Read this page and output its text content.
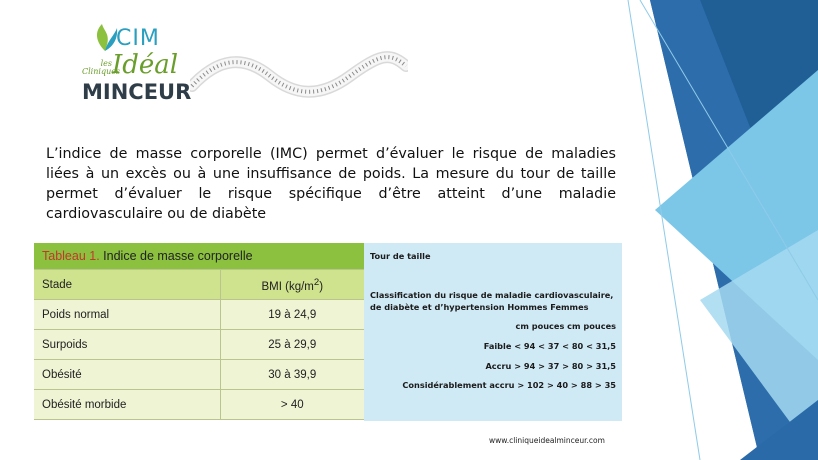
CIM
les
Cliniques
Idéal
MINCEUR

L’indice de masse corporelle (IMC) permet d’évaluer le risque de maladies liées à un excès ou à une insuffisance de poids. La mesure du tour de taille permet d’évaluer le risque spécifique d’être atteint d’une maladie cardiovasculaire ou de diabète

Tableau 1. Indice de masse corporelle
Stade	BMI $(kg/m^2)$
Poids normal	19 à 24,9
Surpoids	25 à 29,9
Obésité	30 à 39,9
Obésité morbide	> 40
Tour de taille
Classification du risque de maladie cardiovasculaire, de diabète et d’hypertension Hommes Femmes
cm pouces cm pouces
Faible < 94 < 37 < 80 < 31,5
Accru > 94 > 37 > 80 > 31,5
Considérablement accru > 102 > 40 > 88 > 35
www.cliniqueidealminceur.com
